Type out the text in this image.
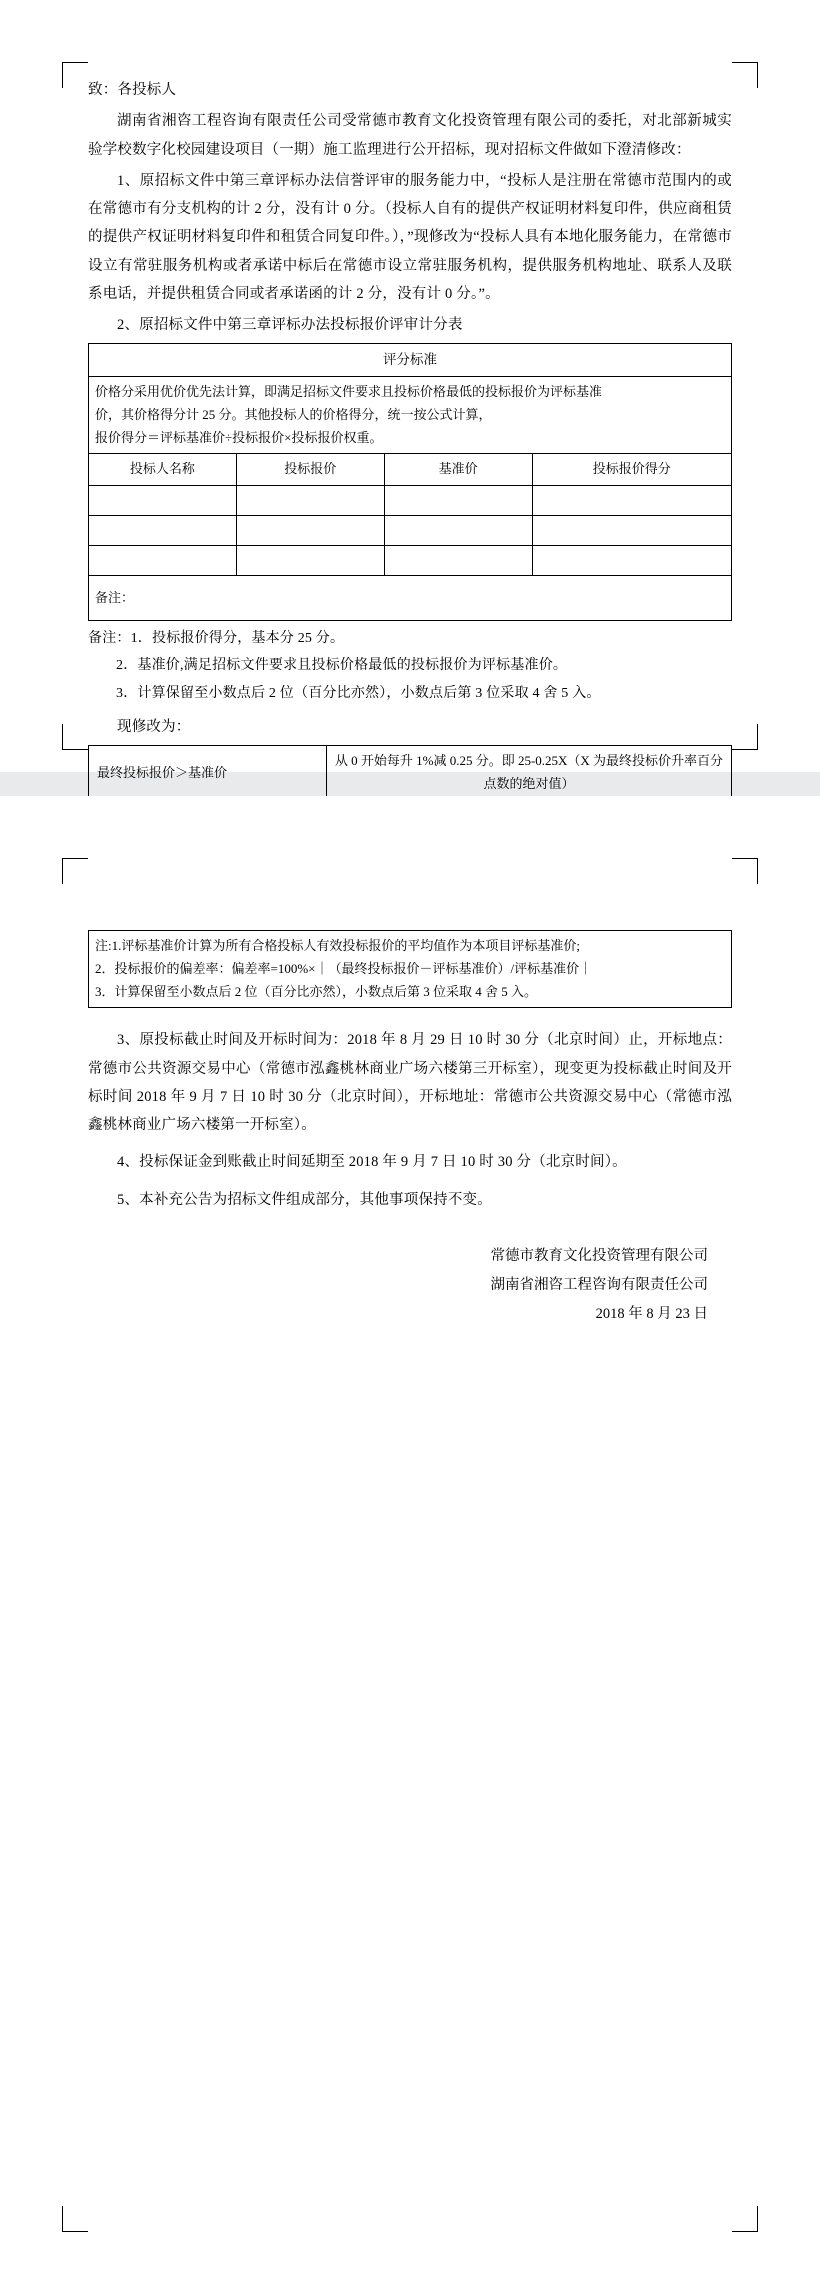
致：各投标人

湖南省湘咨工程咨询有限责任公司受常德市教育文化投资管理有限公司的委托，对北部新城实验学校数字化校园建设项目（一期）施工监理进行公开招标，现对招标文件做如下澄清修改：

1、原招标文件中第三章评标办法信誉评审的服务能力中，“投标人是注册在常德市范围内的或在常德市有分支机构的计 2 分，没有计 0 分。（投标人自有的提供产权证明材料复印件，供应商租赁的提供产权证明材料复印件和租赁合同复印件。），”现修改为“投标人具有本地化服务能力，在常德市设立有常驻服务机构或者承诺中标后在常德市设立常驻服务机构，提供服务机构地址、联系人及联系电话，并提供租赁合同或者承诺函的计 2 分，没有计 0 分。”。

2、原招标文件中第三章评标办法投标报价评审计分表

评分标准			

价格分采用优价优先法计算，即满足招标文件要求且投标价格最低的投标报价为评标基准
价，其价格得分计 25 分。其他投标人的价格得分，统一按公式计算，
报价得分＝评标基准价÷投标报价×投标报价权重。			

投标人名称	投标报价	基准价	投标报价得分

备注：			

备注：1．投标报价得分，基本分 25 分。

2．基准价,满足招标文件要求且投标价格最低的投标报价为评标基准价。

3．计算保留至小数点后 2 位（百分比亦然），小数点后第 3 位采取 4 舍 5 入。

现修改为：

最终投标报价＞基准价	从 0 开始每升 1%减 0.25 分。即 25-0.25X（X 为最终投标价升率百分点数的绝对值）		

注:1.评标基准价计算为所有合格投标人有效投标报价的平均值作为本项目评标基准价;
2．投标报价的偏差率：偏差率=100%×｜（最终投标报价－评标基准价）/评标基准价｜
3．计算保留至小数点后 2 位（百分比亦然），小数点后第 3 位采取 4 舍 5 入。

3、原投标截止时间及开标时间为：2018 年 8 月 29 日 10 时 30 分（北京时间）止，开标地点：常德市公共资源交易中心（常德市泓鑫桃林商业广场六楼第三开标室），现变更为投标截止时间及开标时间 2018 年 9 月 7 日 10 时 30 分（北京时间），开标地址：常德市公共资源交易中心（常德市泓鑫桃林商业广场六楼第一开标室）。

4、投标保证金到账截止时间延期至 2018 年 9 月 7 日 10 时 30 分（北京时间）。

5、本补充公告为招标文件组成部分，其他事项保持不变。

常德市教育文化投资管理有限公司
湖南省湘咨工程咨询有限责任公司
2018 年 8 月 23 日
